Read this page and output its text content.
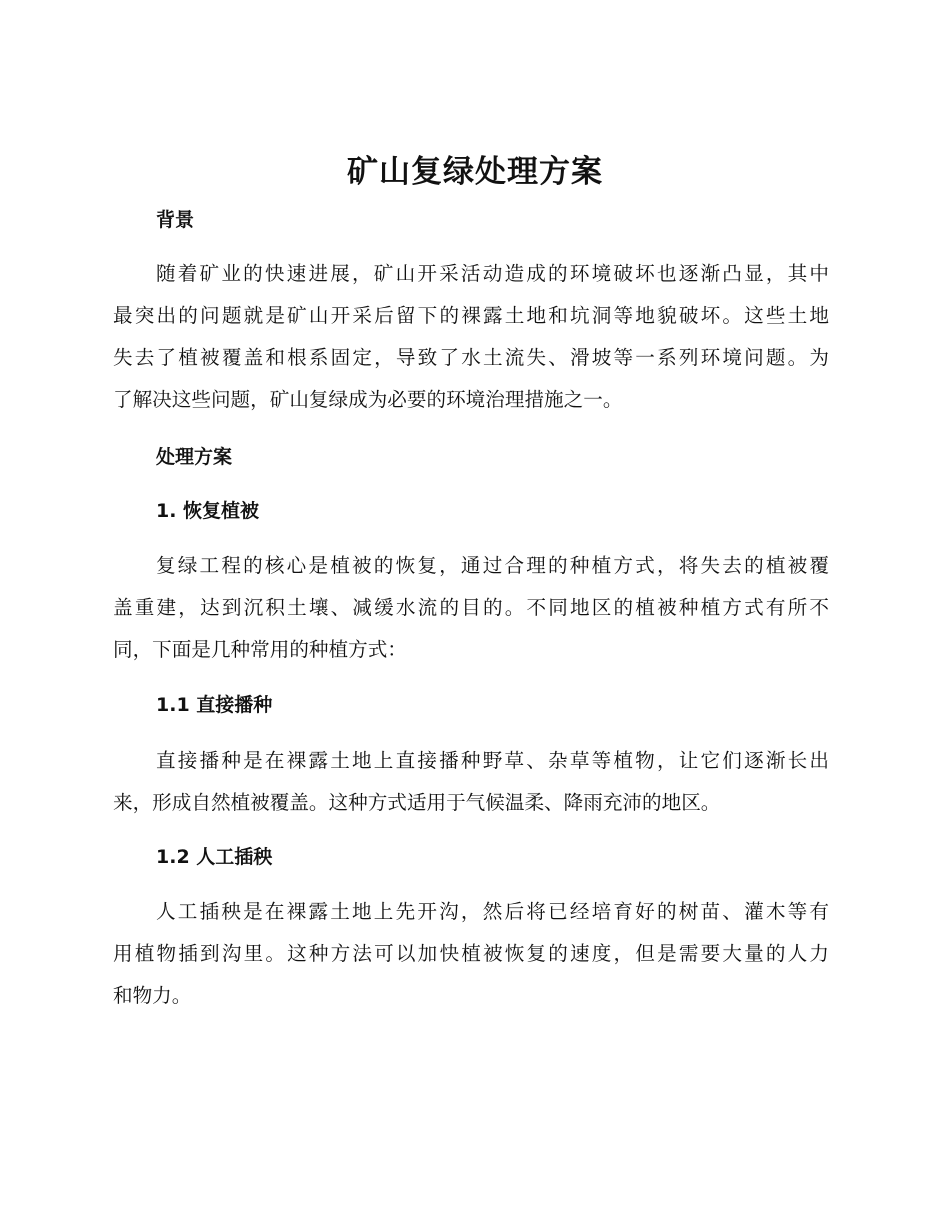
矿山复绿处理方案
背景
随着矿业的快速进展，矿山开采活动造成的环境破坏也逐渐凸显，其中
最突出的问题就是矿山开采后留下的裸露土地和坑洞等地貌破坏。这些土地
失去了植被覆盖和根系固定，导致了水土流失、滑坡等一系列环境问题。为
了解决这些问题，矿山复绿成为必要的环境治理措施之一。
处理方案
1. 恢复植被
复绿工程的核心是植被的恢复，通过合理的种植方式，将失去的植被覆
盖重建，达到沉积土壤、减缓水流的目的。不同地区的植被种植方式有所不
同，下面是几种常用的种植方式：
1.1 直接播种
直接播种是在裸露土地上直接播种野草、杂草等植物，让它们逐渐长出
来，形成自然植被覆盖。这种方式适用于气候温柔、降雨充沛的地区。
1.2 人工插秧
人工插秧是在裸露土地上先开沟，然后将已经培育好的树苗、灌木等有
用植物插到沟里。这种方法可以加快植被恢复的速度，但是需要大量的人力
和物力。
